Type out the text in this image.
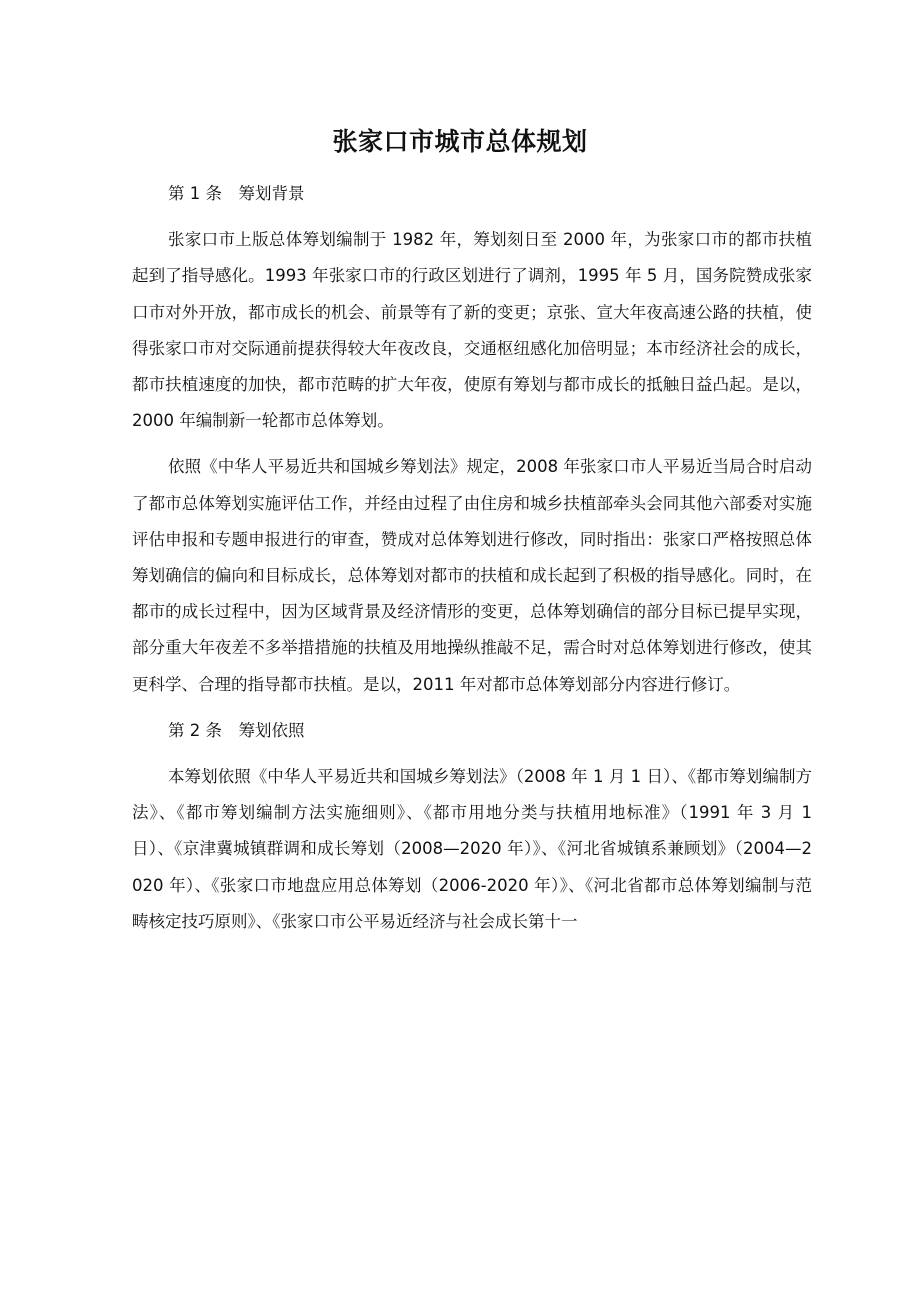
张家口市城市总体规划
第 1 条　筹划背景

张家口市上版总体筹划编制于 1982 年，筹划刻日至 2000 年，为张家口市的都市扶植起到了指导感化。1993 年张家口市的行政区划进行了调剂，1995 年 5 月，国务院赞成张家口市对外开放，都市成长的机会、前景等有了新的变更；京张、宣大年夜高速公路的扶植，使得张家口市对交际通前提获得较大年夜改良，交通枢纽感化加倍明显；本市经济社会的成长，都市扶植速度的加快，都市范畴的扩大年夜，使原有筹划与都市成长的抵触日益凸起。是以，2000 年编制新一轮都市总体筹划。

依照《中华人平易近共和国城乡筹划法》规定，2008 年张家口市人平易近当局合时启动了都市总体筹划实施评估工作，并经由过程了由住房和城乡扶植部牵头会同其他六部委对实施评估申报和专题申报进行的审查，赞成对总体筹划进行修改，同时指出：张家口严格按照总体筹划确信的偏向和目标成长，总体筹划对都市的扶植和成长起到了积极的指导感化。同时，在都市的成长过程中，因为区域背景及经济情形的变更，总体筹划确信的部分目标已提早实现，部分重大年夜差不多举措措施的扶植及用地操纵推敲不足，需合时对总体筹划进行修改，使其更科学、合理的指导都市扶植。是以，2011 年对都市总体筹划部分内容进行修订。

第 2 条　筹划依照

本筹划依照《中华人平易近共和国城乡筹划法》（2008 年 1 月 1 日）、《都市筹划编制方法》、《都市筹划编制方法实施细则》、《都市用地分类与扶植用地标准》（1991 年 3 月 1 日）、《京津冀城镇群调和成长筹划（2008—2020 年）》、《河北省城镇系兼顾划》（2004—2020 年）、《张家口市地盘应用总体筹划（2006-2020 年）》、《河北省都市总体筹划编制与范畴核定技巧原则》、《张家口市公平易近经济与社会成长第十一
